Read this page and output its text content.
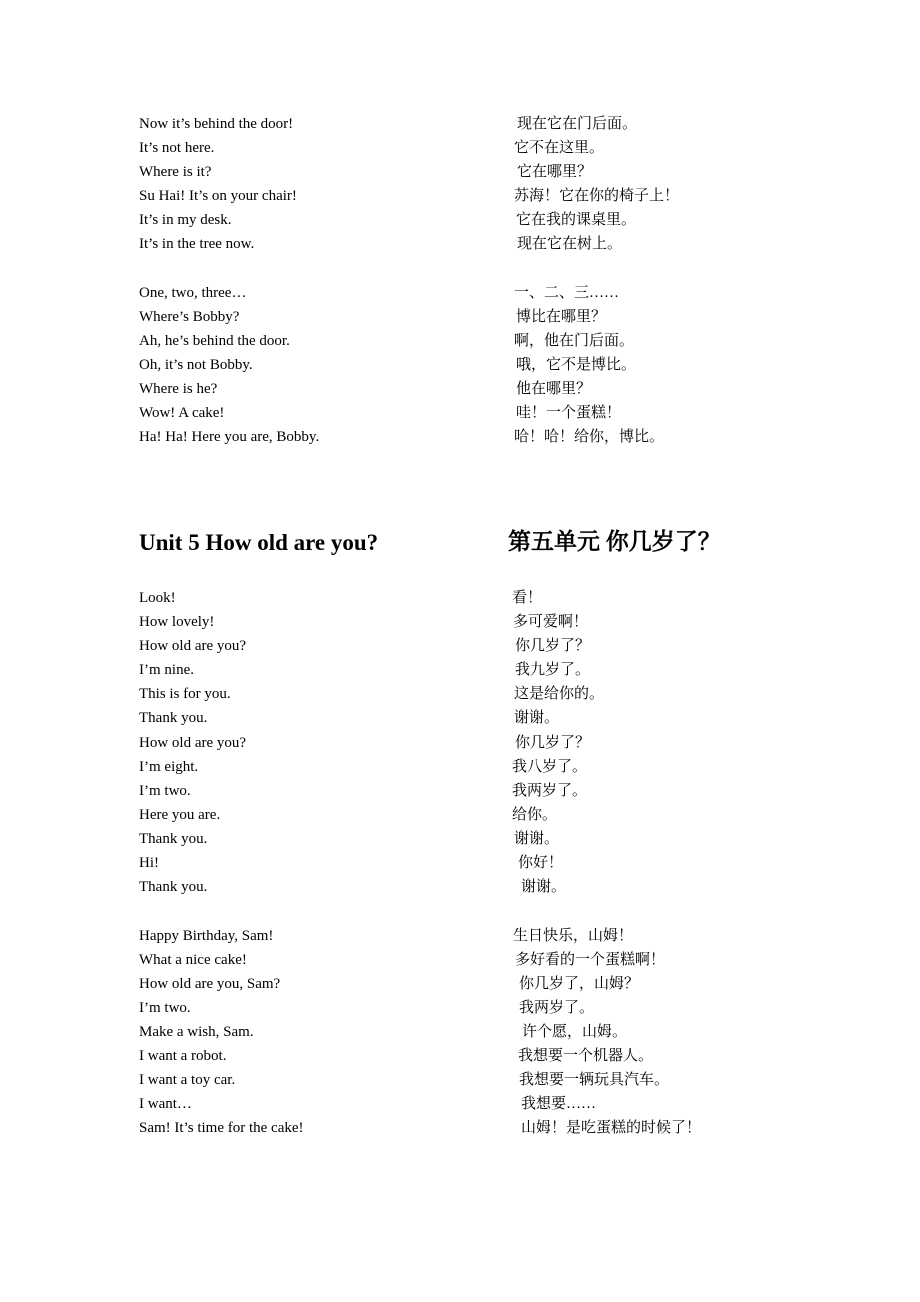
Now it’s behind the door!	现在它在门后面。
It’s not here.	它不在这里。
Where is it?	它在哪里？
Su Hai! It’s on your chair!	苏海！它在你的椅子上！
It’s in my desk.	它在我的课桌里。
It’s in the tree now.	现在它在树上。
One, two, three…	一、二、三……
Where’s Bobby?	博比在哪里？
Ah, he’s behind the door.	啊，他在门后面。
Oh, it’s not Bobby.	哦，它不是博比。
Where is he?	他在哪里？
Wow! A cake!	哇！一个蛋糕！
Ha! Ha! Here you are, Bobby.	哈！哈！给你，博比。
Unit 5 How old are you?	第五单元 你几岁了？
Look!	看！
How lovely!	多可爱啊！
How old are you?	你几岁了？
I’m nine.	我九岁了。
This is for you.	这是给你的。
Thank you.	谢谢。
How old are you?	你几岁了？
I’m eight.	我八岁了。
I’m two.	我两岁了。
Here you are.	给你。
Thank you.	谢谢。
Hi!	你好！
Thank you.	谢谢。
Happy Birthday, Sam!	生日快乐，山姆！
What a nice cake!	多好看的一个蛋糕啊！
How old are you, Sam?	你几岁了，山姆？
I’m two.	我两岁了。
Make a wish, Sam.	许个愿，山姆。
I want a robot.	我想要一个机器人。
I want a toy car.	我想要一辆玩具汽车。
I want…	我想要……
Sam! It’s time for the cake!	山姆！是吃蛋糕的时候了！
